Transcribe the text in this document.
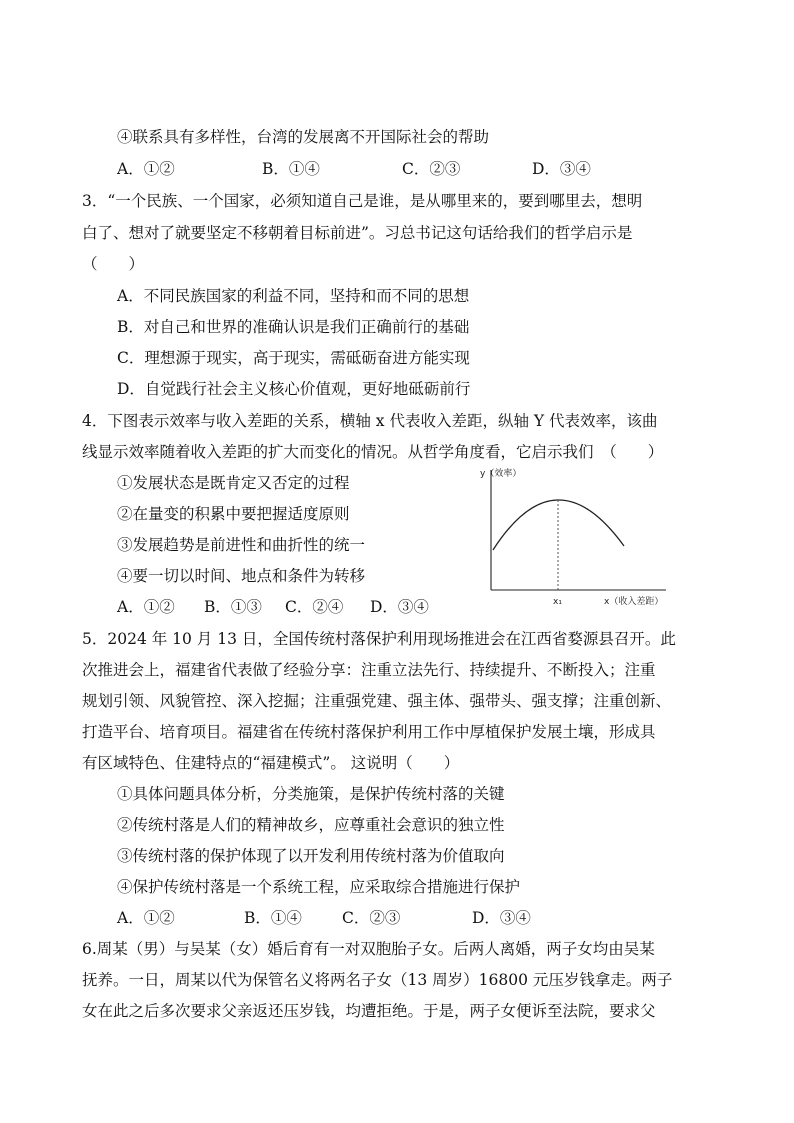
④联系具有多样性，台湾的发展离不开国际社会的帮助
A．①②	B．①④	C．②③	D．③④
3．“一个民族、一个国家，必须知道自己是谁，是从哪里来的，要到哪里去，想明
白了、想对了就要坚定不移朝着目标前进”。习总书记这句话给我们的哲学启示是
（　　）
A．不同民族国家的利益不同，坚持和而不同的思想
B．对自己和世界的准确认识是我们正确前行的基础
C．理想源于现实，高于现实，需砥砺奋进方能实现
D．自觉践行社会主义核心价值观，更好地砥砺前行
4．下图表示效率与收入差距的关系，横轴 x 代表收入差距，纵轴 Y 代表效率，该曲
线显示效率随着收入差距的扩大而变化的情况。从哲学角度看，它启示我们　（　　）
①发展状态是既肯定又否定的过程
②在量变的积累中要把握适度原则
③发展趋势是前进性和曲折性的统一
④要一切以时间、地点和条件为转移
A．①② B．①③ C．②④ D．③④
y（效率）
x₁	x（收入差距）
5．2024 年 10 月 13 日，全国传统村落保护利用现场推进会在江西省婺源县召开。此
次推进会上，福建省代表做了经验分享：注重立法先行、持续提升、不断投入；注重
规划引领、风貌管控、深入挖掘；注重强党建、强主体、强带头、强支撑；注重创新、
打造平台、培育项目。福建省在传统村落保护利用工作中厚植保护发展土壤，形成具
有区域特色、住建特点的“福建模式”。 这说明（　　）
①具体问题具体分析，分类施策，是保护传统村落的关键
②传统村落是人们的精神故乡，应尊重社会意识的独立性
③传统村落的保护体现了以开发利用传统村落为价值取向
④保护传统村落是一个系统工程，应采取综合措施进行保护
A．①②	B．①④	C．②③	D．③④
6.周某（男）与吴某（女）婚后育有一对双胞胎子女。后两人离婚，两子女均由吴某
抚养。一日，周某以代为保管名义将两名子女（13 周岁）16800 元压岁钱拿走。两子
女在此之后多次要求父亲返还压岁钱，均遭拒绝。于是，两子女便诉至法院，要求父
